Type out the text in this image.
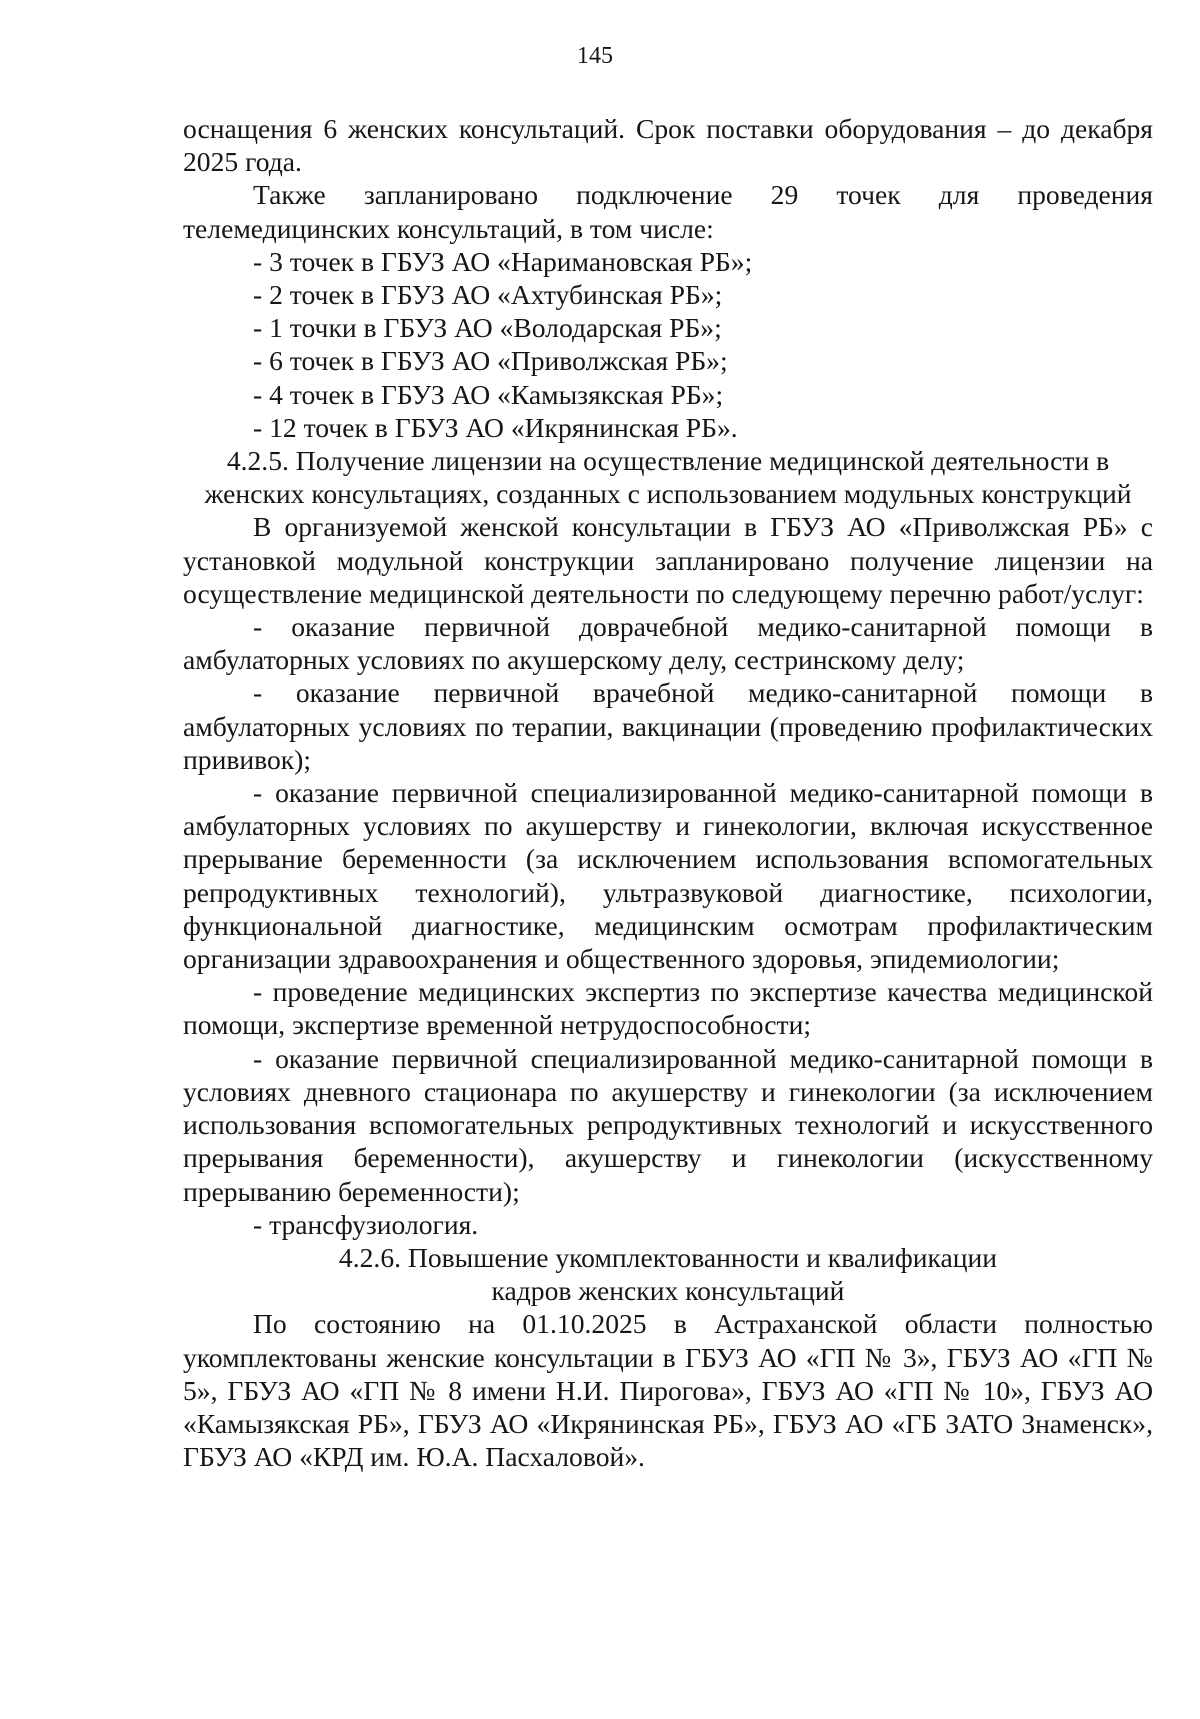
145

оснащения 6 женских консультаций. Срок поставки оборудования – до декабря 2025 года.

Также запланировано подключение 29 точек для проведения телемедицинских консультаций, в том числе:

- 3 точек в ГБУЗ АО «Наримановская РБ»;

- 2 точек в ГБУЗ АО «Ахтубинская РБ»;

- 1 точки в ГБУЗ АО «Володарская РБ»;

- 6 точек в ГБУЗ АО «Приволжская РБ»;

- 4 точек в ГБУЗ АО «Камызякская РБ»;

- 12 точек в ГБУЗ АО «Икрянинская РБ».

4.2.5. Получение лицензии на осуществление медицинской деятельности в женских консультациях, созданных с использованием модульных конструкций

В организуемой женской консультации в ГБУЗ АО «Приволжская РБ» с установкой модульной конструкции запланировано получение лицензии на осуществление медицинской деятельности по следующему перечню работ/услуг:

- оказание первичной доврачебной медико-санитарной помощи в амбулаторных условиях по акушерскому делу, сестринскому делу;

- оказание первичной врачебной медико-санитарной помощи в амбулаторных условиях по терапии, вакцинации (проведению профилактических прививок);

- оказание первичной специализированной медико-санитарной помощи в амбулаторных условиях по акушерству и гинекологии, включая искусственное прерывание беременности (за исключением использования вспомогательных репродуктивных технологий), ультразвуковой диагностике, психологии, функциональной диагностике, медицинским осмотрам профилактическим организации здравоохранения и общественного здоровья, эпидемиологии;

- проведение медицинских экспертиз по экспертизе качества медицинской помощи, экспертизе временной нетрудоспособности;

- оказание первичной специализированной медико-санитарной помощи в условиях дневного стационара по акушерству и гинекологии (за исключением использования вспомогательных репродуктивных технологий и искусственного прерывания беременности), акушерству и гинекологии (искусственному прерыванию беременности);

- трансфузиология.

4.2.6. Повышение укомплектованности и квалификации кадров женских консультаций

По состоянию на 01.10.2025 в Астраханской области полностью укомплектованы женские консультации в ГБУЗ АО «ГП № 3», ГБУЗ АО «ГП № 5», ГБУЗ АО «ГП № 8 имени Н.И. Пирогова», ГБУЗ АО «ГП № 10», ГБУЗ АО «Камызякская РБ», ГБУЗ АО «Икрянинская РБ», ГБУЗ АО «ГБ ЗАТО Знаменск», ГБУЗ АО «КРД им. Ю.А. Пасхаловой».
